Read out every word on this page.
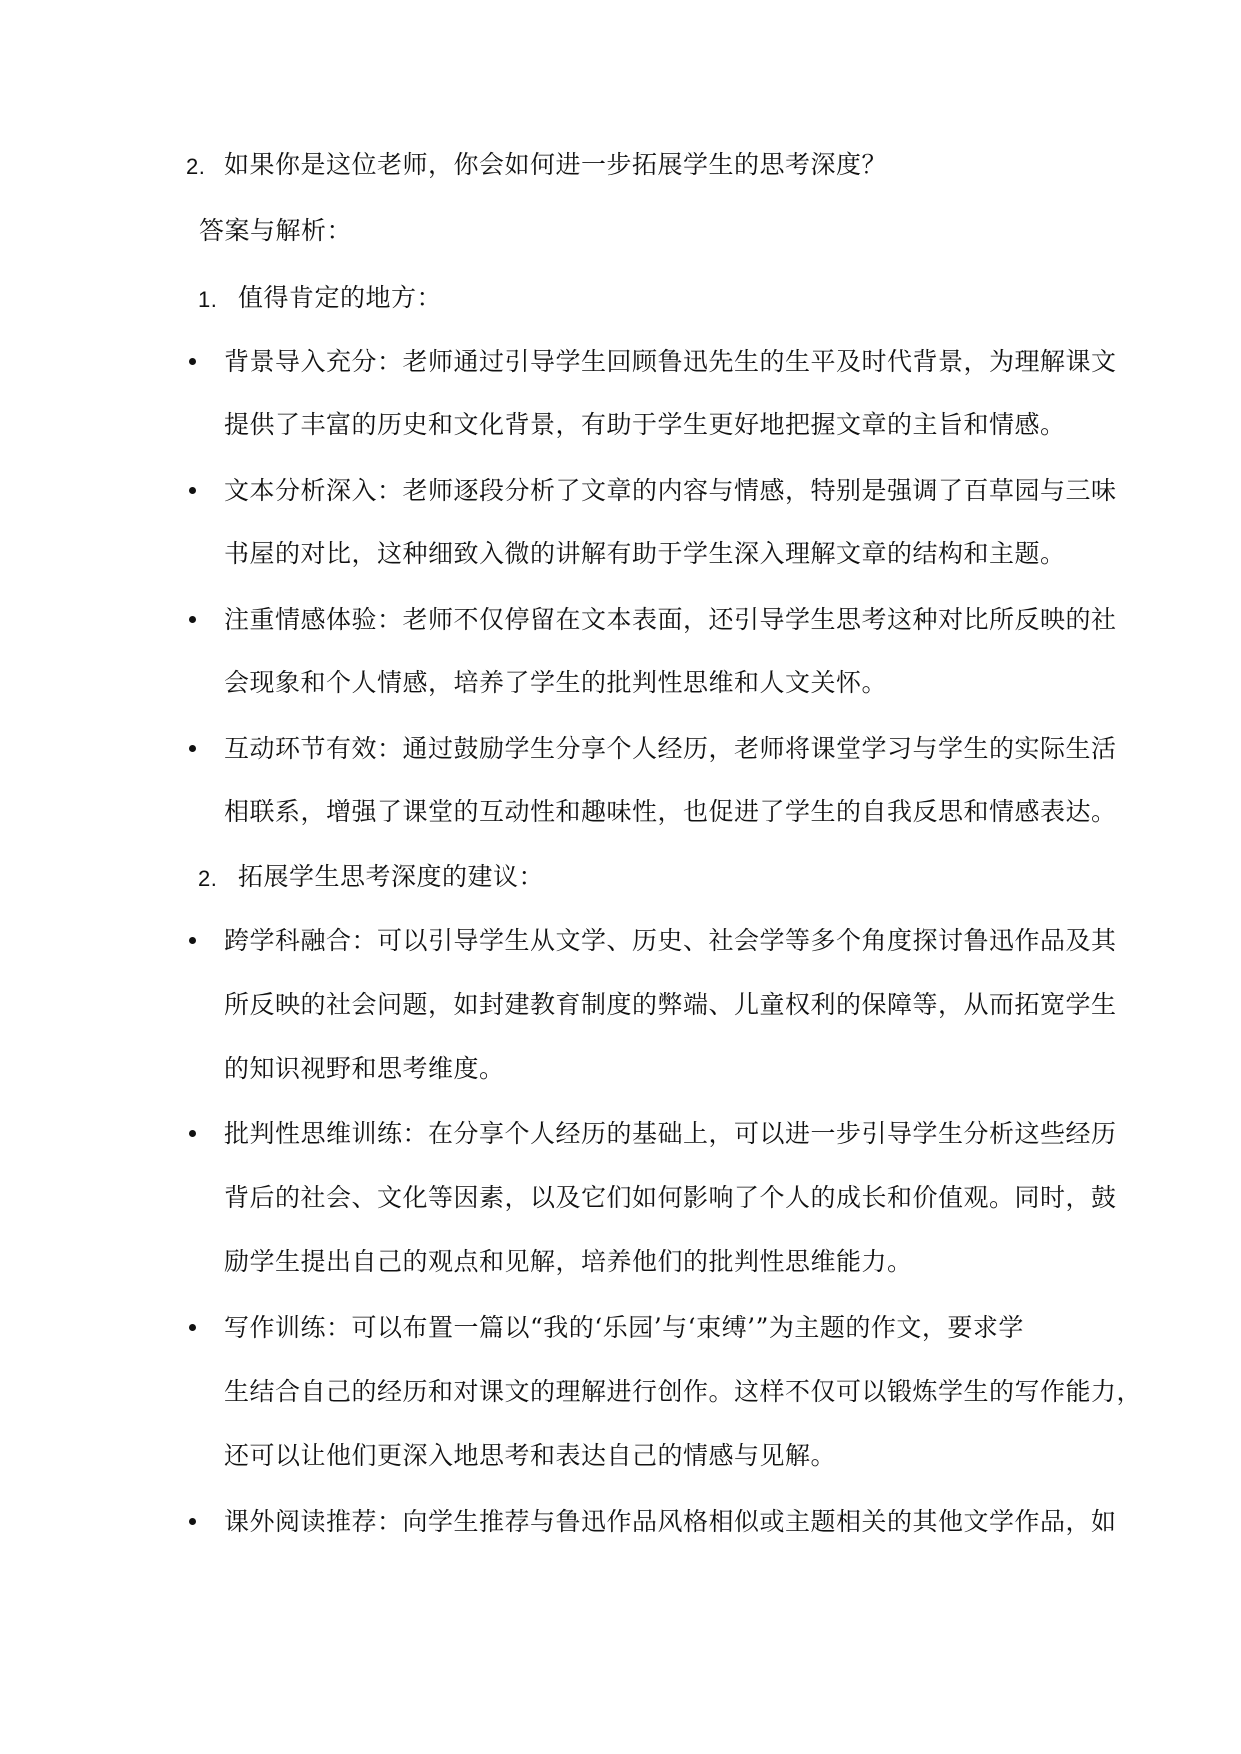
2. 如果你是这位老师，你会如何进一步拓展学生的思考深度？
答案与解析：
1. 值得肯定的地方：
背景导入充分：老师通过引导学生回顾鲁迅先生的生平及时代背景，为理解课文
提供了丰富的历史和文化背景，有助于学生更好地把握文章的主旨和情感。
文本分析深入：老师逐段分析了文章的内容与情感，特别是强调了百草园与三味
书屋的对比，这种细致入微的讲解有助于学生深入理解文章的结构和主题。
注重情感体验：老师不仅停留在文本表面，还引导学生思考这种对比所反映的社
会现象和个人情感，培养了学生的批判性思维和人文关怀。
互动环节有效：通过鼓励学生分享个人经历，老师将课堂学习与学生的实际生活
相联系，增强了课堂的互动性和趣味性，也促进了学生的自我反思和情感表达。
2. 拓展学生思考深度的建议：
跨学科融合：可以引导学生从文学、历史、社会学等多个角度探讨鲁迅作品及其
所反映的社会问题，如封建教育制度的弊端、儿童权利的保障等，从而拓宽学生
的知识视野和思考维度。
批判性思维训练：在分享个人经历的基础上，可以进一步引导学生分析这些经历
背后的社会、文化等因素，以及它们如何影响了个人的成长和价值观。同时，鼓
励学生提出自己的观点和见解，培养他们的批判性思维能力。
写作训练：可以布置一篇以“我的‘乐园’与‘束缚’”为主题的作文，要求学
生结合自己的经历和对课文的理解进行创作。这样不仅可以锻炼学生的写作能力，
还可以让他们更深入地思考和表达自己的情感与见解。
课外阅读推荐：向学生推荐与鲁迅作品风格相似或主题相关的其他文学作品，如
